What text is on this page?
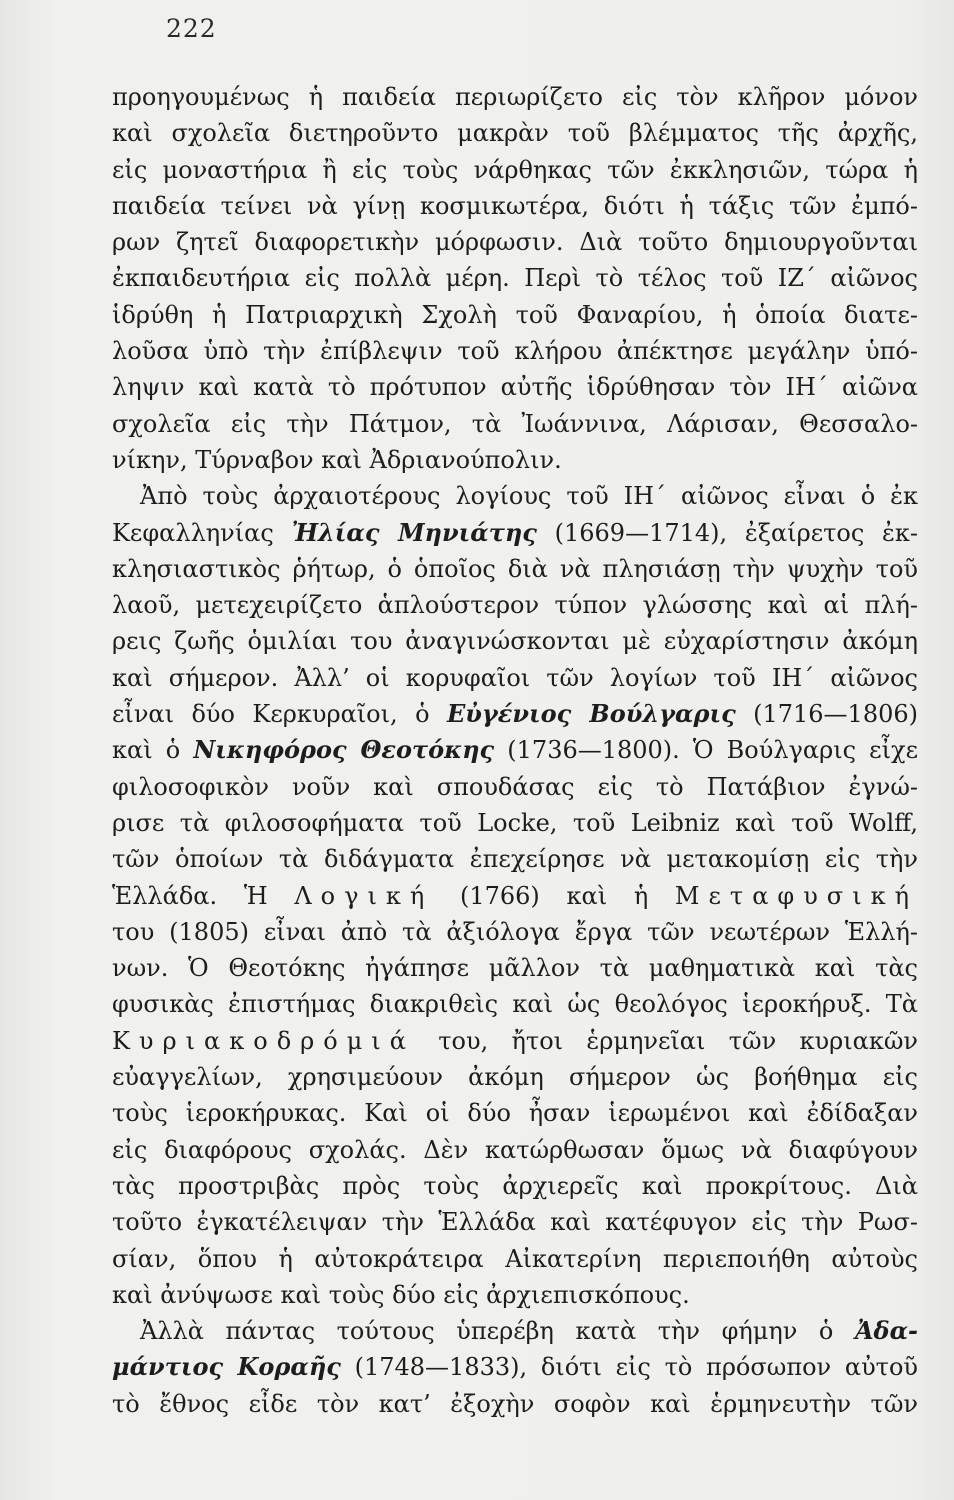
222
προηγουμένως ἡ παιδεία περιωρίζετο εἰς τὸν κλῆρον μόνον
καὶ σχολεῖα διετηροῦντο μακρὰν τοῦ βλέμματος τῆς ἀρχῆς,
εἰς μοναστήρια ἢ εἰς τοὺς νάρθηκας τῶν ἐκκλησιῶν, τώρα ἡ
παιδεία τείνει νὰ γίνῃ κοσμικωτέρα, διότι ἡ τάξις τῶν ἐμπό-
ρων ζητεῖ διαφορετικὴν μόρφωσιν. Διὰ τοῦτο δημιουργοῦνται
ἐκπαιδευτήρια εἰς πολλὰ μέρη. Περὶ τὸ τέλος τοῦ ΙΖ΄ αἰῶνος
ἱδρύθη ἡ Πατριαρχικὴ Σχολὴ τοῦ Φαναρίου, ἡ ὁποία διατε-
λοῦσα ὑπὸ τὴν ἐπίβλεψιν τοῦ κλήρου ἀπέκτησε μεγάλην ὑπό-
ληψιν καὶ κατὰ τὸ πρότυπον αὐτῆς ἱδρύθησαν τὸν ΙΗ΄ αἰῶνα
σχολεῖα εἰς τὴν Πάτμον, τὰ Ἰωάννινα, Λάρισαν, Θεσσαλο-
νίκην, Τύρναβον καὶ Ἀδριανούπολιν.
Ἀπὸ τοὺς ἀρχαιοτέρους λογίους τοῦ ΙΗ΄ αἰῶνος εἶναι ὁ ἐκ
Κεφαλληνίας Ἠλίας Μηνιάτης (1669—1714), ἐξαίρετος ἐκ-
κλησιαστικὸς ῥήτωρ, ὁ ὁποῖος διὰ νὰ πλησιάσῃ τὴν ψυχὴν τοῦ
λαοῦ, μετεχειρίζετο ἁπλούστερον τύπον γλώσσης καὶ αἱ πλή-
ρεις ζωῆς ὁμιλίαι του ἀναγινώσκονται μὲ εὐχαρίστησιν ἀκόμη
καὶ σήμερον. Ἀλλ’ οἱ κορυφαῖοι τῶν λογίων τοῦ ΙΗ΄ αἰῶνος
εἶναι δύο Κερκυραῖοι, ὁ Εὐγένιος Βούλγαρις (1716—1806)
καὶ ὁ Νικηφόρος Θεοτόκης (1736—1800). Ὁ Βούλγαρις εἶχε
φιλοσοφικὸν νοῦν καὶ σπουδάσας εἰς τὸ Πατάβιον ἐγνώ-
ρισε τὰ φιλοσοφήματα τοῦ Locke, τοῦ Leibniz καὶ τοῦ Wolff,
τῶν ὁποίων τὰ διδάγματα ἐπεχείρησε νὰ μετακομίσῃ εἰς τὴν
Ἑλλάδα. Ἡ Λογική (1766) καὶ ἡ Μεταφυσική
του (1805) εἶναι ἀπὸ τὰ ἀξιόλογα ἔργα τῶν νεωτέρων Ἑλλή-
νων. Ὁ Θεοτόκης ἠγάπησε μᾶλλον τὰ μαθηματικὰ καὶ τὰς
φυσικὰς ἐπιστήμας διακριθεὶς καὶ ὡς θεολόγος ἱεροκήρυξ. Τὰ
Κυριακοδρόμιά του, ἤτοι ἑρμηνεῖαι τῶν κυριακῶν
εὐαγγελίων, χρησιμεύουν ἀκόμη σήμερον ὡς βοήθημα εἰς
τοὺς ἱεροκήρυκας. Καὶ οἱ δύο ἦσαν ἱερωμένοι καὶ ἐδίδαξαν
εἰς διαφόρους σχολάς. Δὲν κατώρθωσαν ὅμως νὰ διαφύγουν
τὰς προστριβὰς πρὸς τοὺς ἀρχιερεῖς καὶ προκρίτους. Διὰ
τοῦτο ἐγκατέλειψαν τὴν Ἑλλάδα καὶ κατέφυγον εἰς τὴν Ρωσ-
σίαν, ὅπου ἡ αὐτοκράτειρα Αἰκατερίνη περιεποιήθη αὐτοὺς
καὶ ἀνύψωσε καὶ τοὺς δύο εἰς ἀρχιεπισκόπους.
Ἀλλὰ πάντας τούτους ὑπερέβη κατὰ τὴν φήμην ὁ Ἀδα-
μάντιος Κοραῆς (1748—1833), διότι εἰς τὸ πρόσωπον αὐτοῦ
τὸ ἔθνος εἶδε τὸν κατ’ ἐξοχὴν σοφὸν καὶ ἑρμηνευτὴν τῶν
